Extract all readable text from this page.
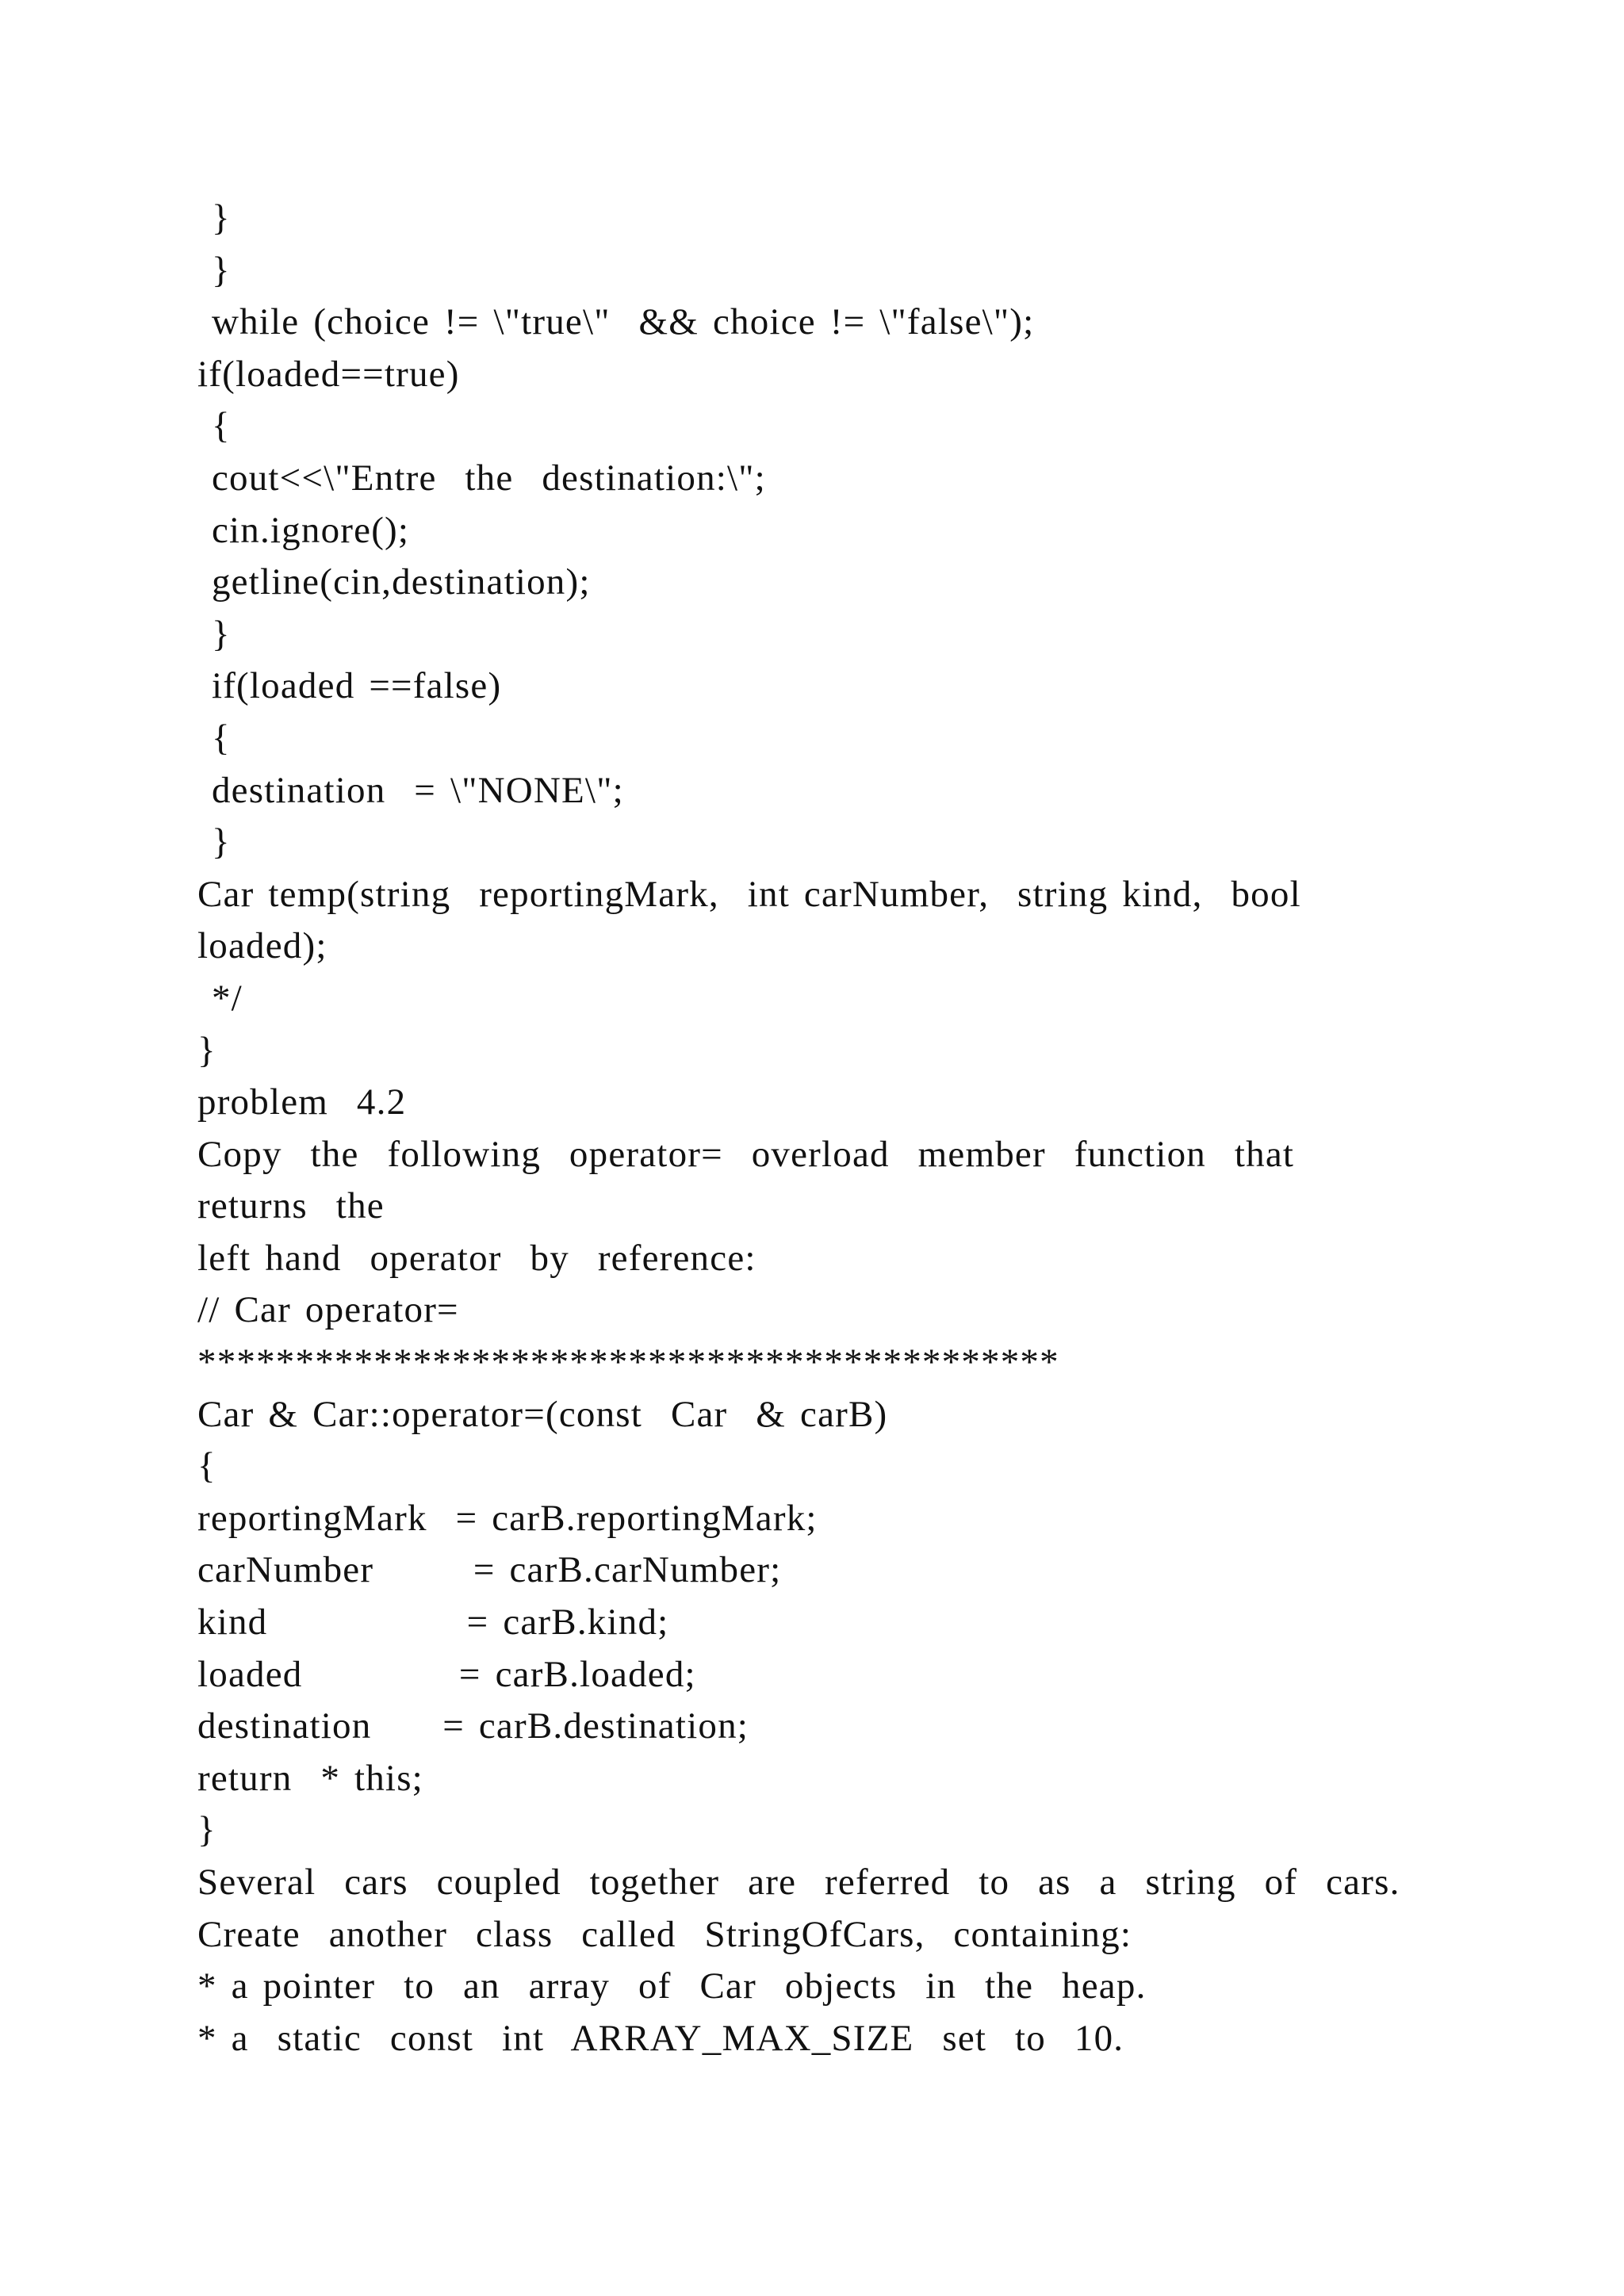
}
}
while (choice != \"true\"  && choice != \"false\");
if(loaded==true)
{
cout<<\"Entre  the  destination:\";
cin.ignore();
getline(cin,destination);
}
if(loaded ==false)
{
destination  = \"NONE\";
}
Car temp(string  reportingMark,  int carNumber,  string kind,  bool
loaded);
*/
}
problem  4.2
Copy  the  following  operator=  overload  member  function  that
returns  the
left hand  operator  by  reference:
// Car operator=
********************************************
Car & Car::operator=(const  Car  & carB)
{
reportingMark  = carB.reportingMark;
carNumber       = carB.carNumber;
kind              = carB.kind;
loaded           = carB.loaded;
destination     = carB.destination;
return  * this;
}
Several  cars  coupled  together  are  referred  to  as  a  string  of  cars.
Create  another  class  called  StringOfCars,  containing:
* a pointer  to  an  array  of  Car  objects  in  the  heap.
* a  static  const  int  ARRAY_MAX_SIZE  set  to  10.
